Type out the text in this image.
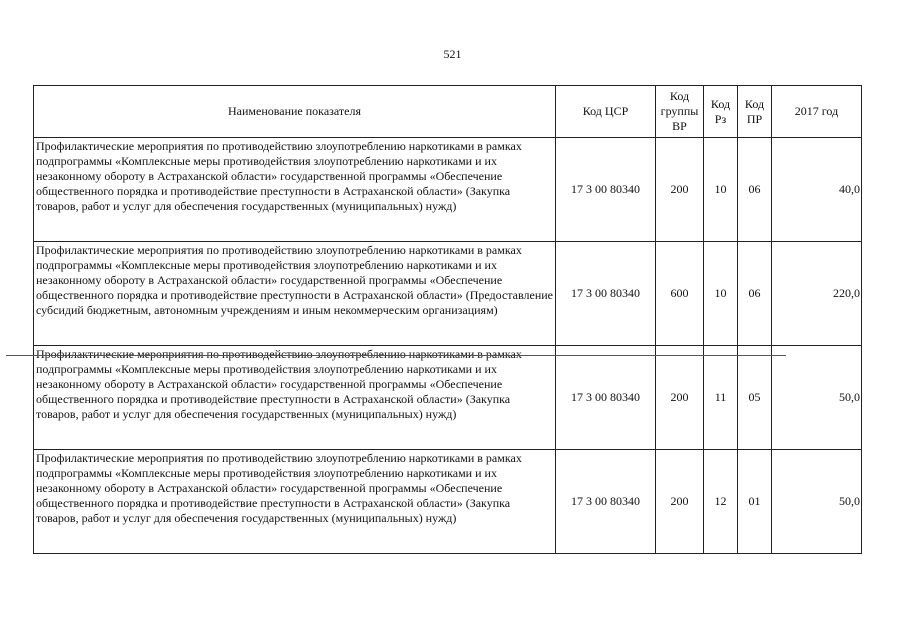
521
Наименование показателя	Код ЦСР	Код группы ВР	Код Рз	Код ПР	2017 год
Профилактические мероприятия по противодействию злоупотреблению наркотиками в рамках подпрограммы «Комплексные меры противодействия злоупотреблению наркотиками и их незаконному обороту в Астраханской области» государственной программы «Обеспечение общественного порядка и противодействие преступности в Астраханской области» (Закупка товаров, работ и услуг для обеспечения государственных (муниципальных) нужд)	17 3 00 80340	200	10	06	40,0
Профилактические мероприятия по противодействию злоупотреблению наркотиками в рамках подпрограммы «Комплексные меры противодействия злоупотреблению наркотиками и их незаконному обороту в Астраханской области» государственной программы «Обеспечение общественного порядка и противодействие преступности в Астраханской области» (Предоставление субсидий бюджетным, автономным учреждениям и иным некоммерческим организациям)	17 3 00 80340	600	10	06	220,0
Профилактические мероприятия по противодействию злоупотреблению наркотиками в рамках подпрограммы «Комплексные меры противодействия злоупотреблению наркотиками и их незаконному обороту в Астраханской области» государственной программы «Обеспечение общественного порядка и противодействие преступности в Астраханской области» (Закупка товаров, работ и услуг для обеспечения государственных (муниципальных) нужд)	17 3 00 80340	200	11	05	50,0
Профилактические мероприятия по противодействию злоупотреблению наркотиками в рамках подпрограммы «Комплексные меры противодействия злоупотреблению наркотиками и их незаконному обороту в Астраханской области» государственной программы «Обеспечение общественного порядка и противодействие преступности в Астраханской области» (Закупка товаров, работ и услуг для обеспечения государственных (муниципальных) нужд)	17 3 00 80340	200	12	01	50,0
